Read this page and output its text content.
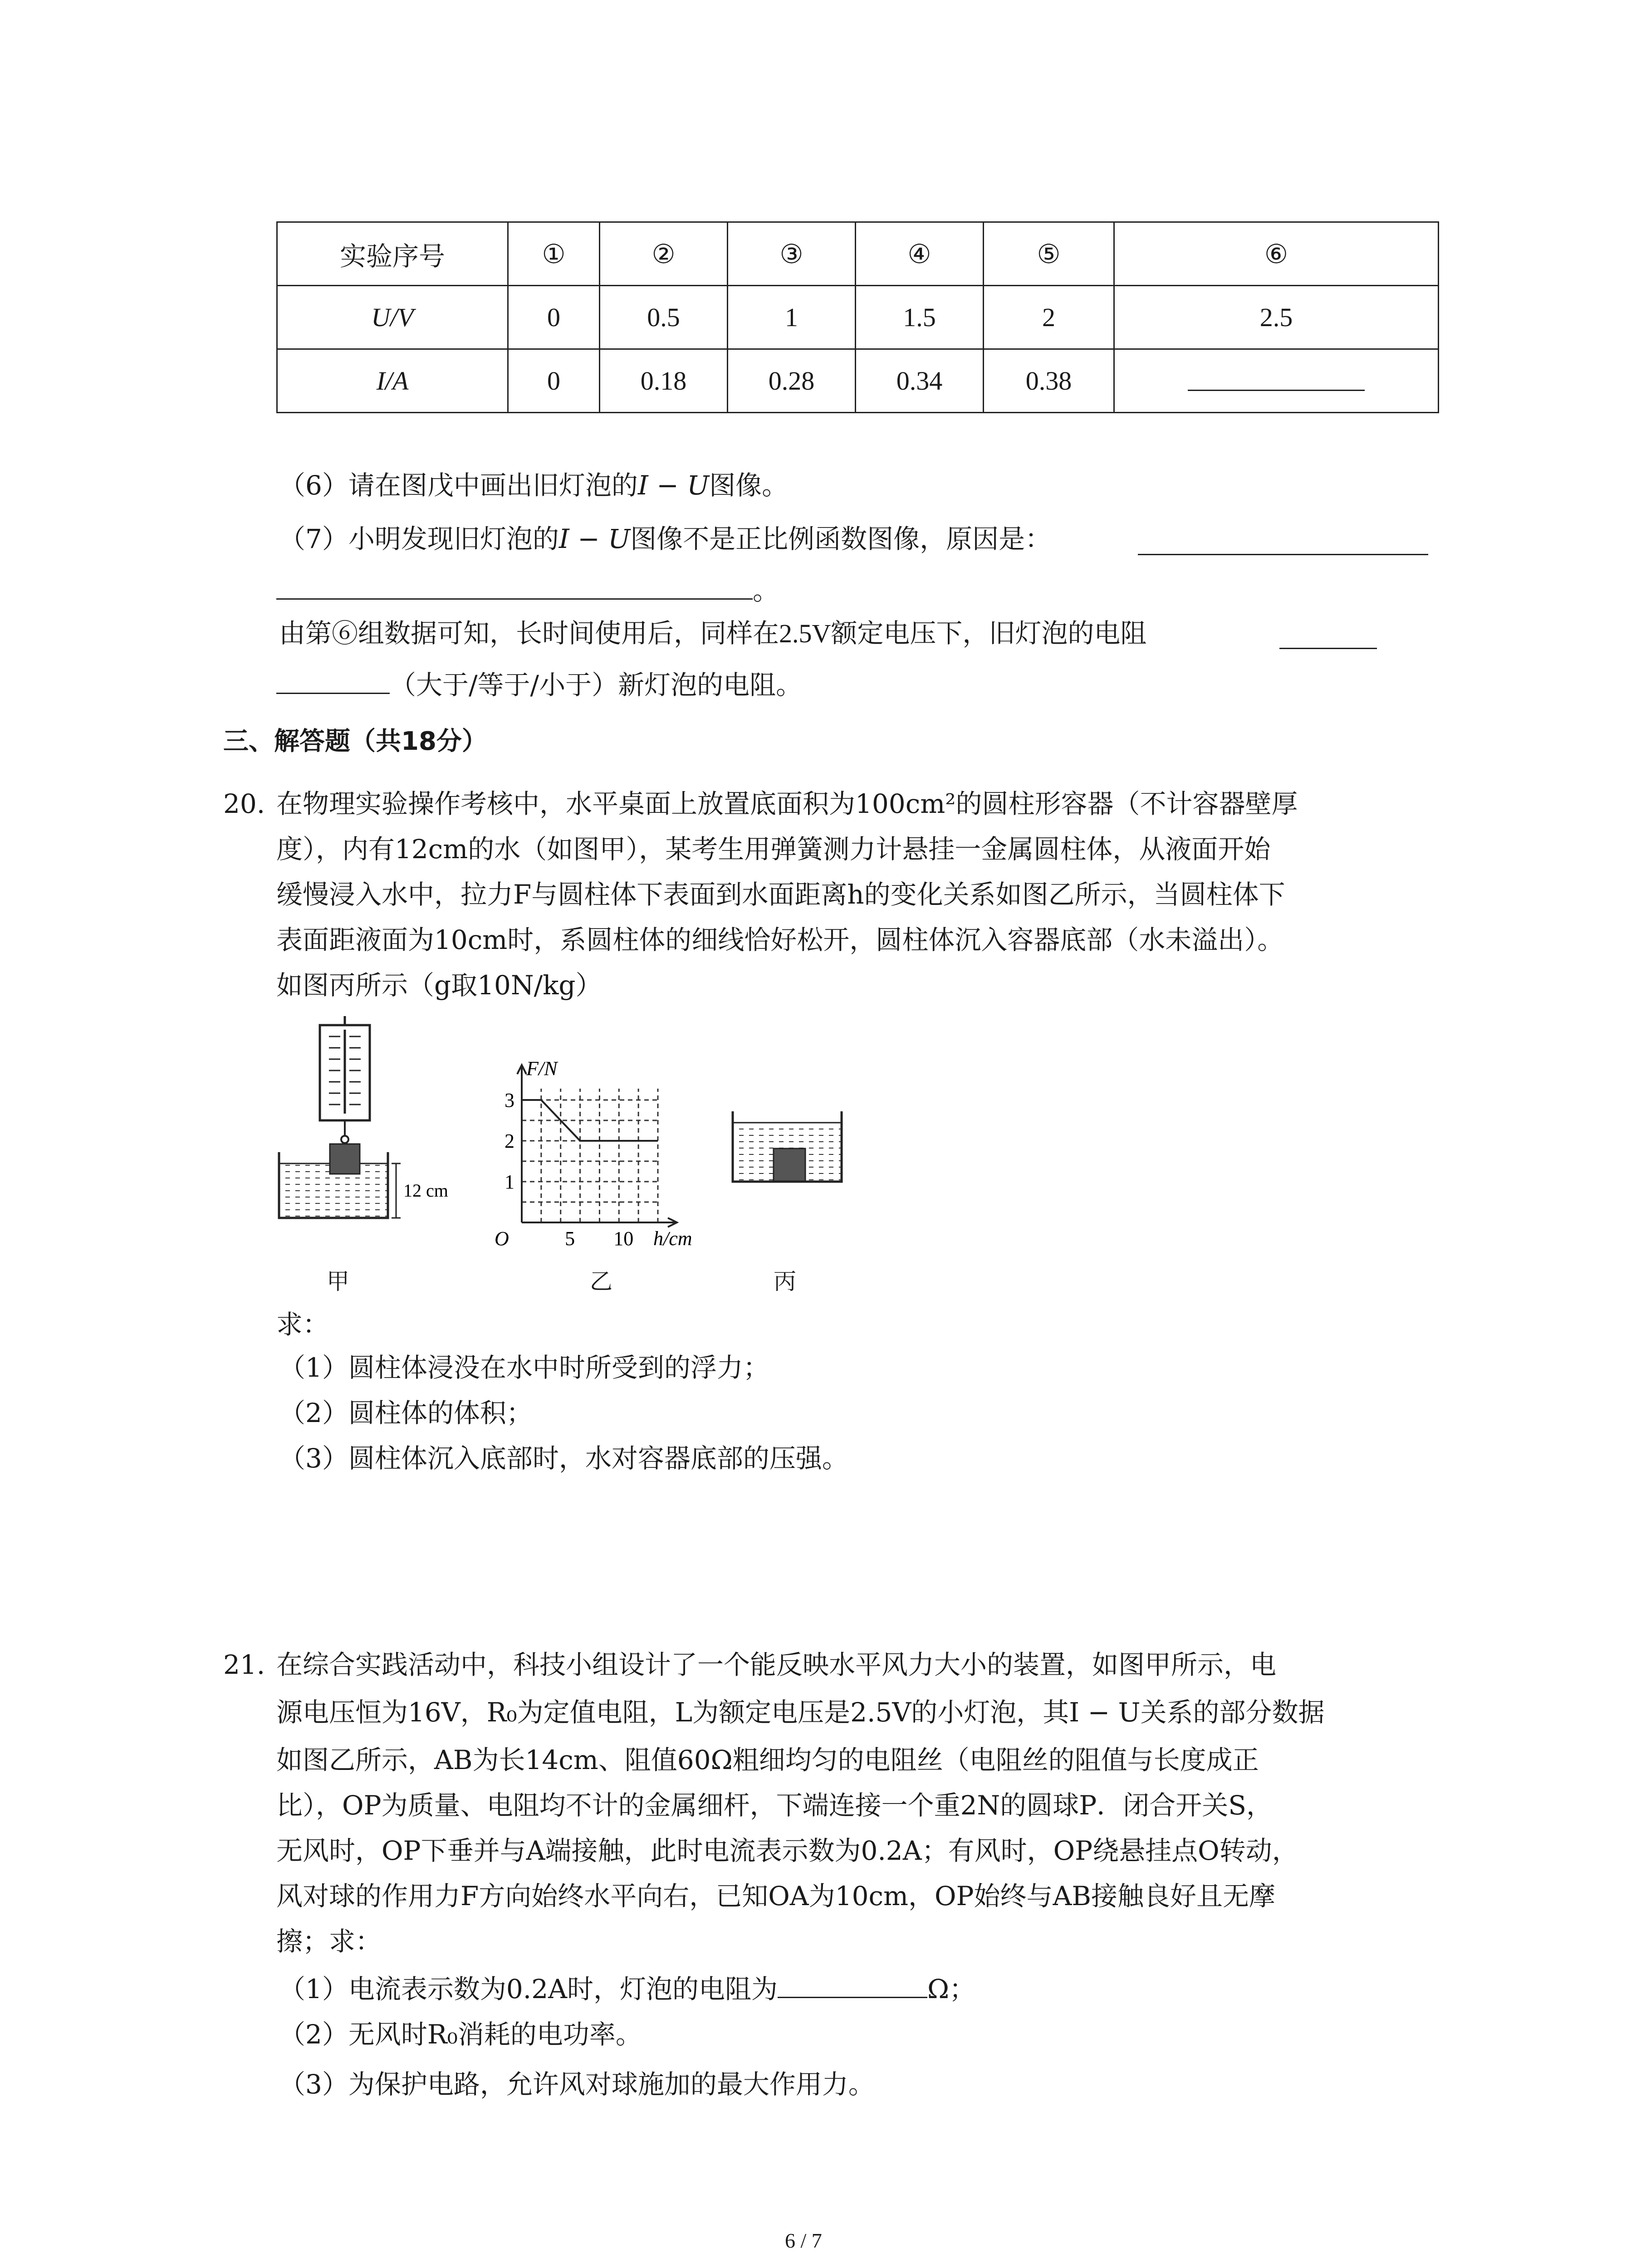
实验序号	①	②	③	④	⑤	⑥
U/V	0	0.5	1	1.5	2	2.5
I/A	0	0.18	0.28	0.34	0.38	
（6）请在图戊中画出旧灯泡的I − U图像。
（7）小明发现旧灯泡的I − U图像不是正比例函数图像，原因是：
。
由第⑥组数据可知，长时间使用后，同样在2.5V额定电压下，旧灯泡的电阻
（大于/等于/小于）新灯泡的电阻。
三、解答题（共18分）
20. 在物理实验操作考核中，水平桌面上放置底面积为100cm²的圆柱形容器（不计容器壁厚
度），内有12cm的水（如图甲），某考生用弹簧测力计悬挂一金属圆柱体，从液面开始
缓慢浸入水中，拉力F与圆柱体下表面到水面距离h的变化关系如图乙所示，当圆柱体下
表面距液面为10cm时，系圆柱体的细线恰好松开，圆柱体沉入容器底部（水未溢出）。
如图丙所示（g取10N/kg）
12 cm
甲
3
2
1
5 10
O
F/N
h/cm
乙	丙
求：
（1）圆柱体浸没在水中时所受到的浮力；
（2）圆柱体的体积；
（3）圆柱体沉入底部时，水对容器底部的压强。
21. 在综合实践活动中，科技小组设计了一个能反映水平风力大小的装置，如图甲所示，电
源电压恒为16V，R₀为定值电阻，L为额定电压是2.5V的小灯泡，其I − U关系的部分数据
如图乙所示，AB为长14cm、阻值60Ω粗细均匀的电阻丝（电阻丝的阻值与长度成正
比），OP为质量、电阻均不计的金属细杆，下端连接一个重2N的圆球P．闭合开关S，
无风时，OP下垂并与A端接触，此时电流表示数为0.2A；有风时，OP绕悬挂点O转动，
风对球的作用力F方向始终水平向右，已知OA为10cm，OP始终与AB接触良好且无摩
擦；求：
（1）电流表示数为0.2A时，灯泡的电阻为	Ω；
（2）无风时R₀消耗的电功率。
（3）为保护电路，允许风对球施加的最大作用力。
6 / 7
